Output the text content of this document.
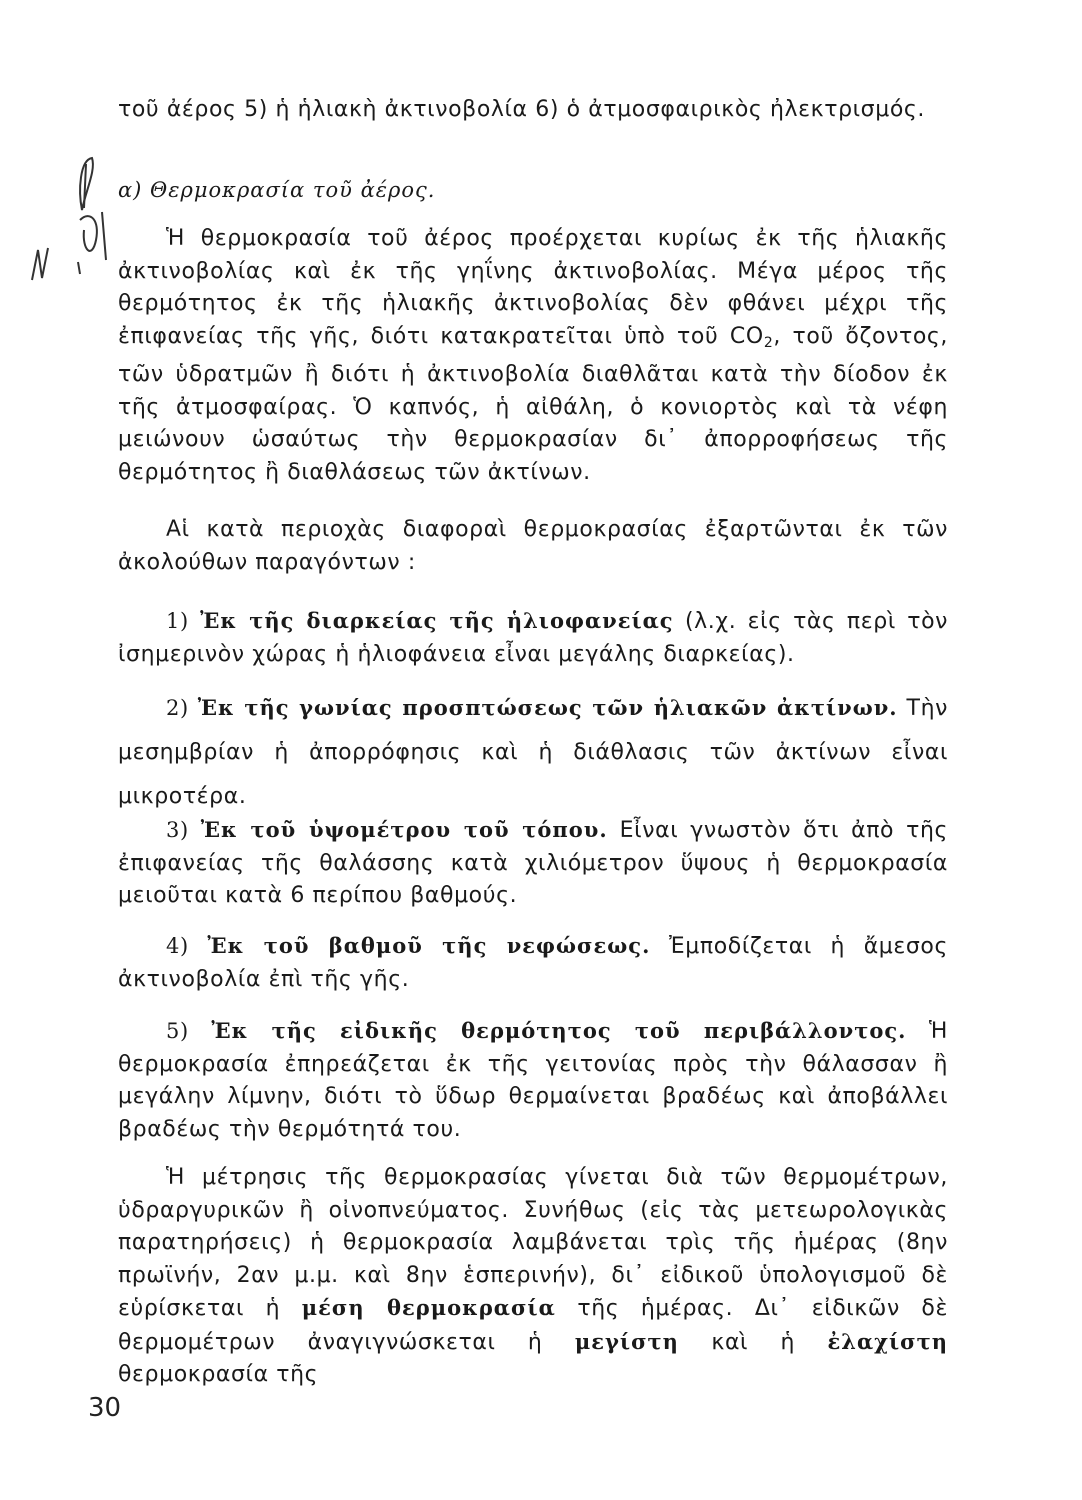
τοῦ ἀέρος 5) ἡ ἡλιακὴ ἀκτινοβολία 6) ὁ ἀτμοσφαιρικὸς ἠλεκτρισμός.

α) Θερμοκρασία τοῦ ἀέρος.

Ἡ θερμοκρασία τοῦ ἀέρος προέρχεται κυρίως ἐκ τῆς ἡλιακῆς ἀκτινοβολίας καὶ ἐκ τῆς γηΐνης ἀκτινοβολίας. Μέγα μέρος τῆς θερμότητος ἐκ τῆς ἡλιακῆς ἀκτινοβολίας δὲν φθάνει μέχρι τῆς ἐπιφανείας τῆς γῆς, διότι κατακρατεῖται ὑπὸ τοῦ $CO_2$, τοῦ ὄζοντος, τῶν ὑδρατμῶν ἢ διότι ἡ ἀκτινοβολία διαθλᾶται κατὰ τὴν δίοδον ἐκ τῆς ἀτμοσφαίρας. Ὁ καπνός, ἡ αἰθάλη, ὁ κονιορτὸς καὶ τὰ νέφη μειώνουν ὡσαύτως τὴν θερμοκρασίαν δι᾽ ἀπορροφήσεως τῆς θερμότητος ἢ διαθλάσεως τῶν ἀκτίνων.

Αἱ κατὰ περιοχὰς διαφοραὶ θερμοκρασίας ἐξαρτῶνται ἐκ τῶν ἀκολούθων παραγόντων :

1) Ἐκ τῆς διαρκείας τῆς ἡλιοφανείας (λ.χ. εἰς τὰς περὶ τὸν ἰσημερινὸν χώρας ἡ ἡλιοφάνεια εἶναι μεγάλης διαρκείας).

2) Ἐκ τῆς γωνίας προσπτώσεως τῶν ἡλιακῶν ἀκτίνων. Τὴν μεσημβρίαν ἡ ἀπορρόφησις καὶ ἡ διάθλασις τῶν ἀκτίνων εἶναι μικροτέρα.

3) Ἐκ τοῦ ὑψομέτρου τοῦ τόπου. Εἶναι γνωστὸν ὅτι ἀπὸ τῆς ἐπιφανείας τῆς θαλάσσης κατὰ χιλιόμετρον ὕψους ἡ θερμοκρασία μειοῦται κατὰ 6 περίπου βαθμούς.

4) Ἐκ τοῦ βαθμοῦ τῆς νεφώσεως. Ἐμποδίζεται ἡ ἄμεσος ἀκτινοβολία ἐπὶ τῆς γῆς.

5) Ἐκ τῆς εἰδικῆς θερμότητος τοῦ περιβάλλοντος. Ἡ θερμοκρασία ἐπηρεάζεται ἐκ τῆς γειτονίας πρὸς τὴν θάλασσαν ἢ μεγάλην λίμνην, διότι τὸ ὕδωρ θερμαίνεται βραδέως καὶ ἀποβάλλει βραδέως τὴν θερμότητά του.

Ἡ μέτρησις τῆς θερμοκρασίας γίνεται διὰ τῶν θερμομέτρων, ὑδραργυρικῶν ἢ οἰνοπνεύματος. Συνήθως (εἰς τὰς μετεωρολογικὰς παρατηρήσεις) ἡ θερμοκρασία λαμβάνεται τρὶς τῆς ἡμέρας (8ην πρωϊνήν, 2αν μ.μ. καὶ 8ην ἑσπερινήν), δι᾽ εἰδικοῦ ὑπολογισμοῦ δὲ εὑρίσκεται ἡ μέση θερμοκρασία τῆς ἡμέρας. Δι᾽ εἰδικῶν δὲ θερμομέτρων ἀναγιγνώσκεται ἡ μεγίστη καὶ ἡ ἐλαχίστη θερμοκρασία τῆς

30
